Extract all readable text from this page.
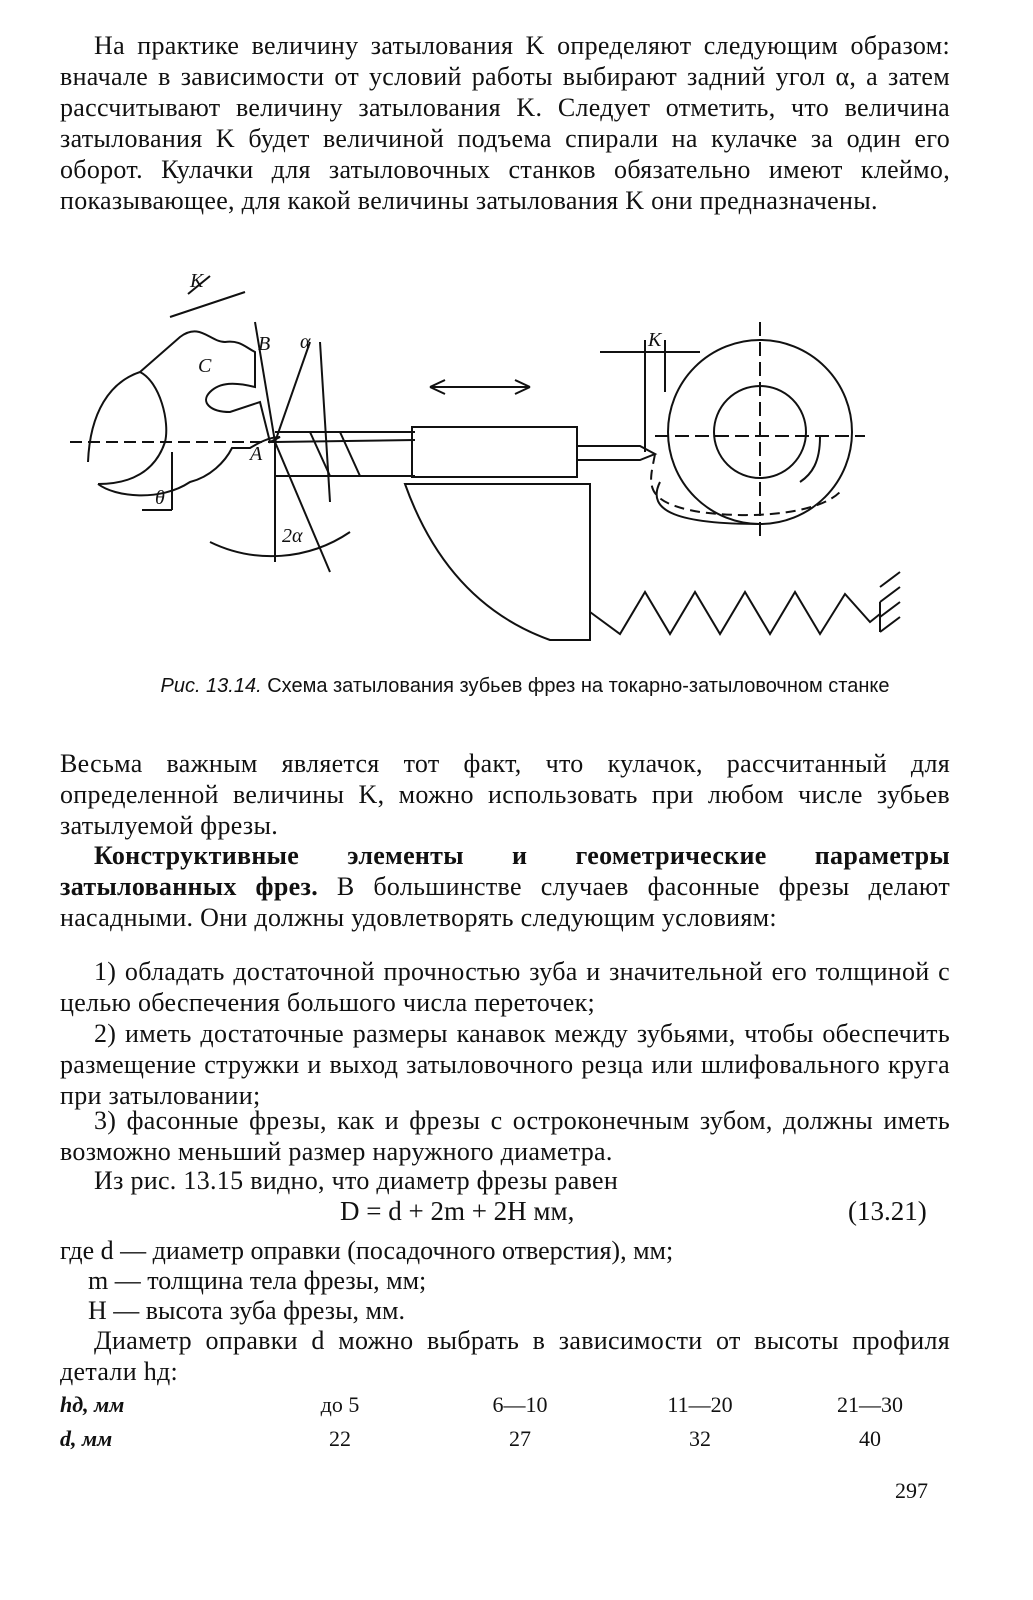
На практике величину затылования K определяют следующим образом: вначале в зависимости от условий работы выбирают задний угол α, а затем рассчитывают величину затылования K. Следует отметить, что величина затылования K будет величиной подъема спирали на кулачке за один его оборот. Кулачки для затыловочных станков обязательно имеют клеймо, показывающее, для какой величины затылования K они предназначены.

K
B
C
α
A
θ
2α
K
Рис. 13.14. Схема затылования зубьев фрез на токарно-затыловочном станке

Весьма важным является тот факт, что кулачок, рассчитанный для определенной величины K, можно использовать при любом числе зубьев затылуемой фрезы.

Конструктивные элементы и геометрические параметры затылованных фрез. В большинстве случаев фасонные фрезы делают насадными. Они должны удовлетворять следующим условиям:

1) обладать достаточной прочностью зуба и значительной его толщиной с целью обеспечения большого числа переточек;

2) иметь достаточные размеры канавок между зубьями, чтобы обеспечить размещение стружки и выход затыловочного резца или шлифовального круга при затыловании;

3) фасонные фрезы, как и фрезы с остроконечным зубом, должны иметь возможно меньший размер наружного диаметра.

Из рис. 13.15 видно, что диаметр фрезы равен

D = d + 2m + 2H мм,	(13.21)
где d — диаметр оправки (посадочного отверстия), мм;
m — толщина тела фрезы, мм;
H — высота зуба фрезы, мм.

Диаметр оправки d можно выбрать в зависимости от высоты профиля детали hд:

hд, мм	до 5	6—10	11—20	21—30
d, мм	22	27	32	40
297
